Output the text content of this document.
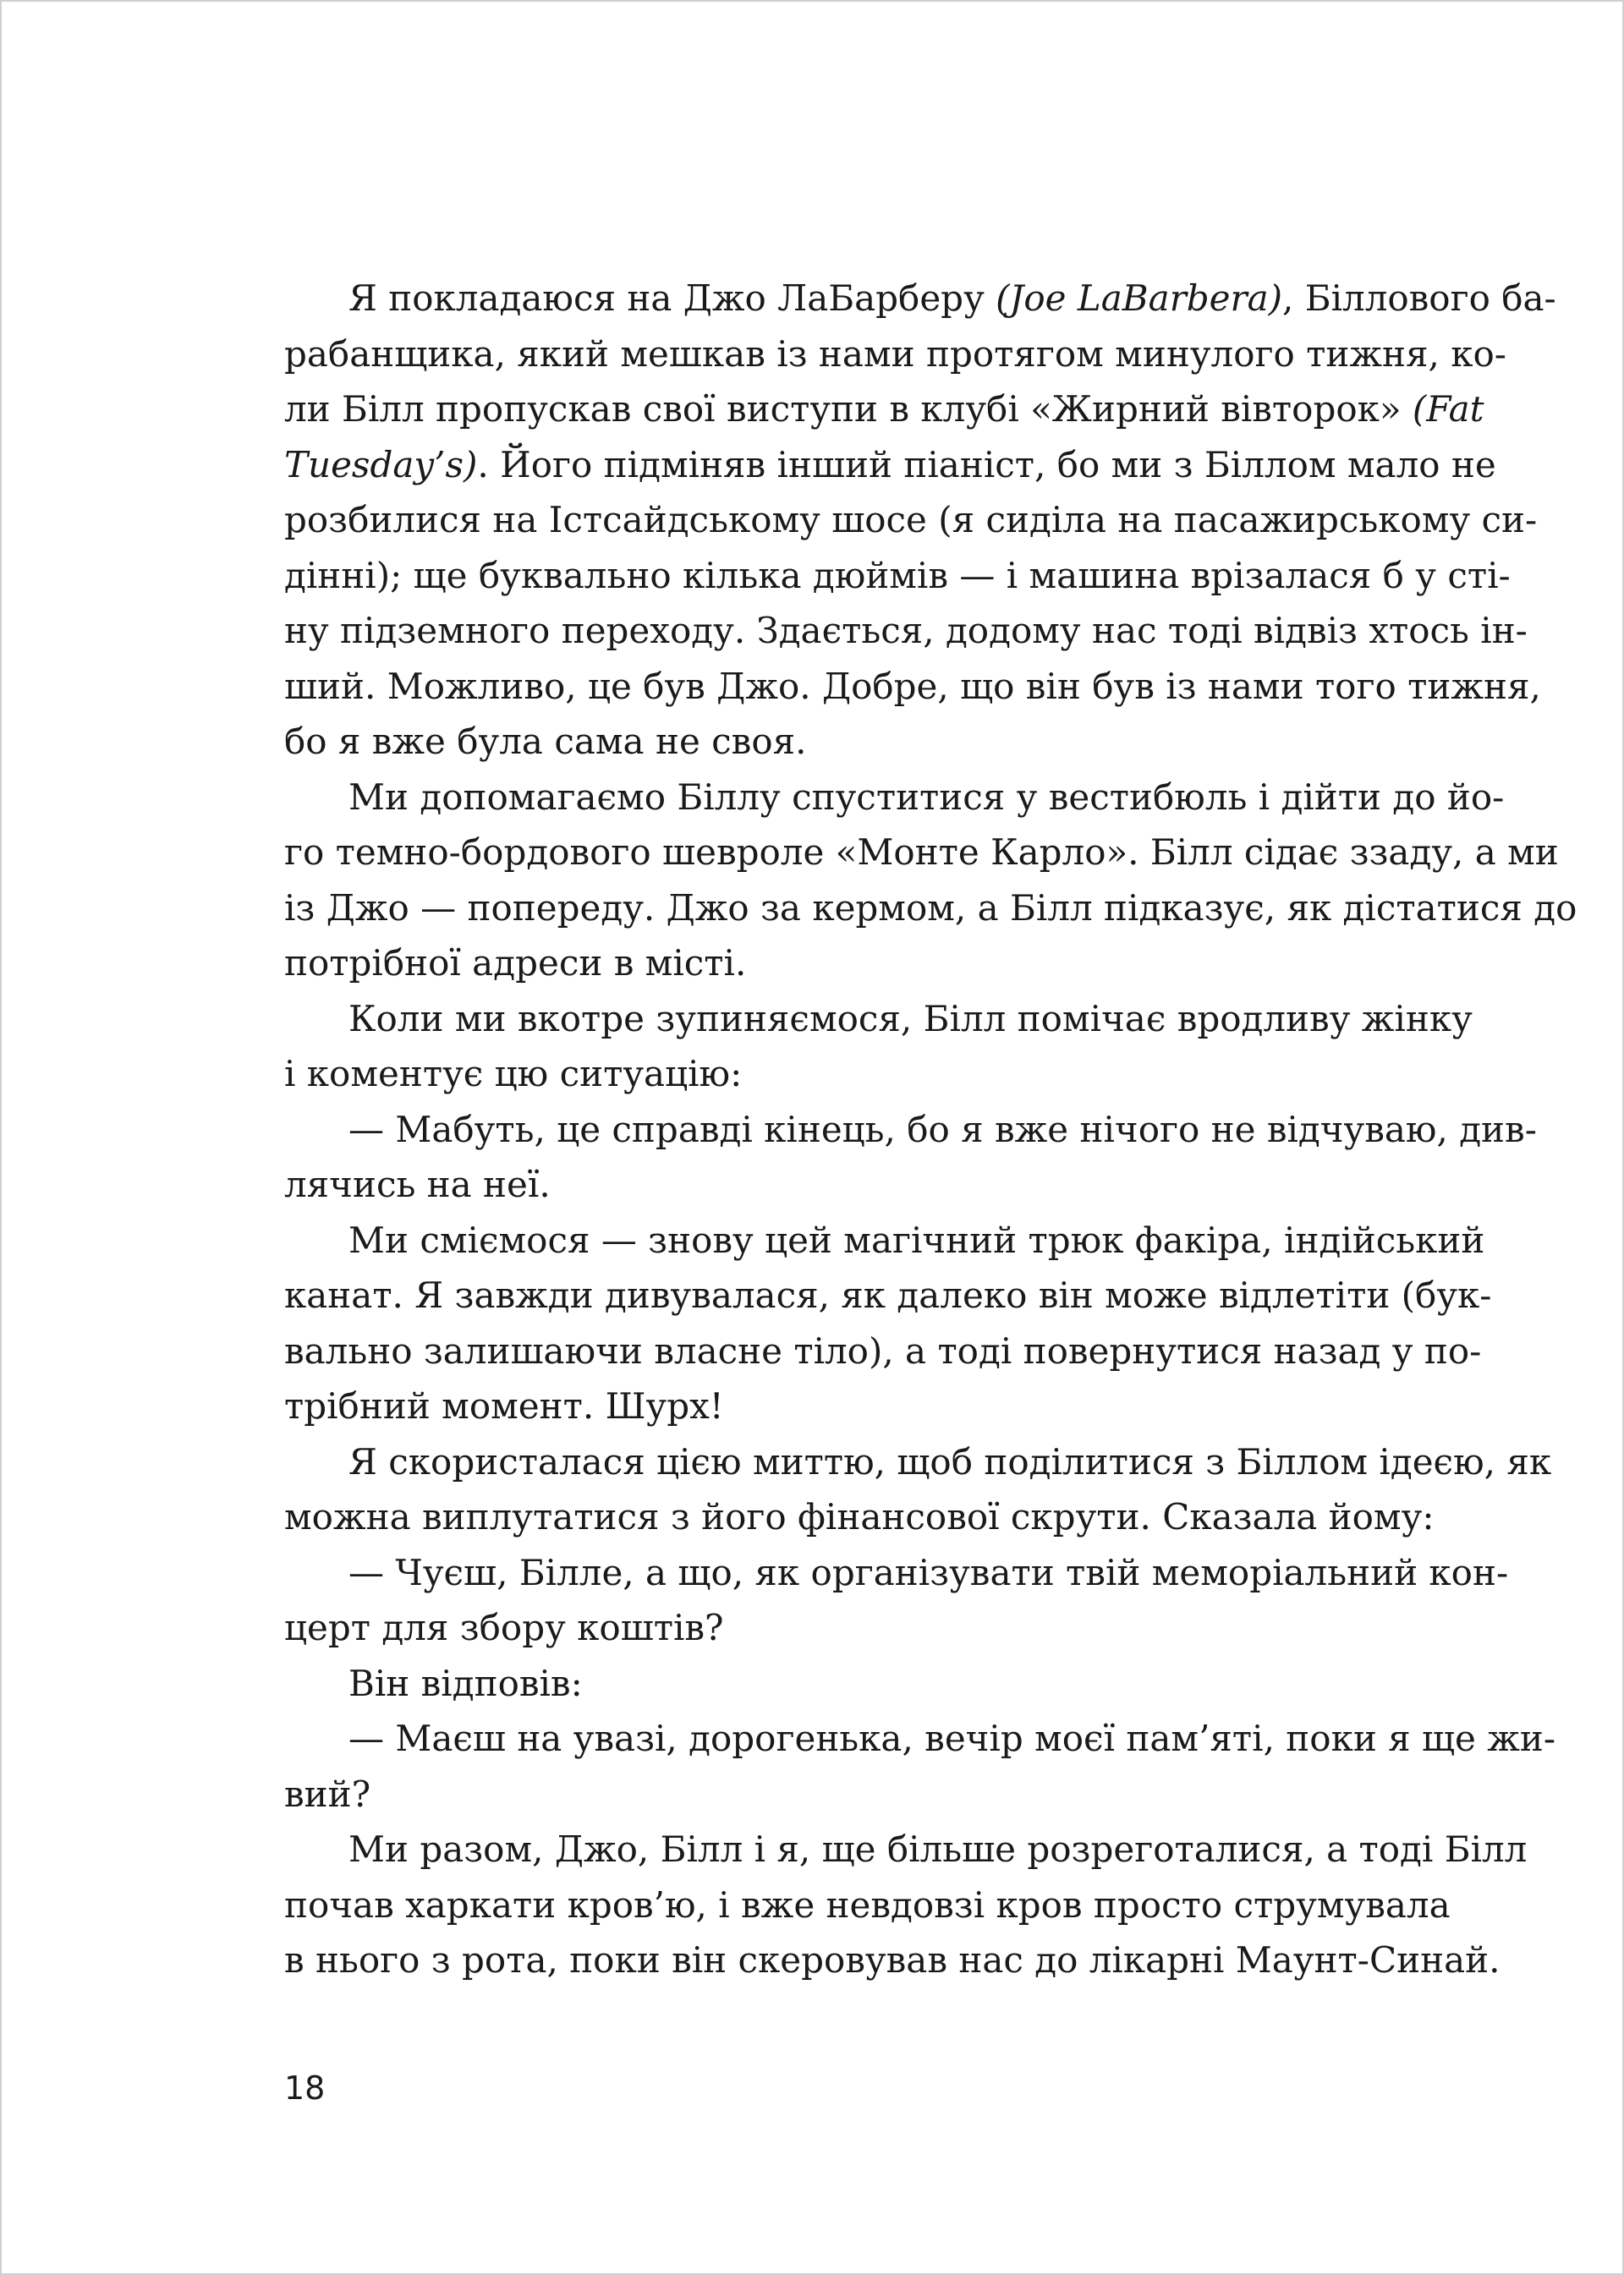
Я покладаюся на Джо ЛаБарберу (Joe LaBarbera), Біллового ба-
рабанщика, який мешкав із нами протягом минулого тижня, ко-
ли Білл пропускав свої виступи в клубі «Жирний вівторок» (Fat
Tuesday’s). Його підміняв інший піаніст, бо ми з Біллом мало не
розбилися на Істсайдському шосе (я сиділа на пасажирському си-
дінні); ще буквально кілька дюймів — і машина врізалася б у сті-
ну підземного переходу. Здається, додому нас тоді відвіз хтось ін-
ший. Можливо, це був Джо. Добре, що він був із нами того тижня,
бо я вже була сама не своя.
Ми допомагаємо Біллу спуститися у вестибюль і дійти до йо-
го темно-бордового шевроле «Монте Карло». Білл сідає ззаду, а ми
із Джо — попереду. Джо за кермом, а Білл підказує, як дістатися до
потрібної адреси в місті.
Коли ми вкотре зупиняємося, Білл помічає вродливу жінку
і коментує цю ситуацію:
— Мабуть, це справді кінець, бо я вже нічого не відчуваю, див-
лячись на неї.
Ми сміємося — знову цей магічний трюк факіра, індійський
канат. Я завжди дивувалася, як далеко він може відлетіти (бук-
вально залишаючи власне тіло), а тоді повернутися назад у по-
трібний момент. Шурх!
Я скористалася цією миттю, щоб поділитися з Біллом ідеєю, як
можна виплутатися з його фінансової скрути. Сказала йому:
— Чуєш, Білле, а що, як організувати твій меморіальний кон-
церт для збору коштів?
Він відповів:
— Маєш на увазі, дорогенька, вечір моєї пам’яті, поки я ще жи-
вий?
Ми разом, Джо, Білл і я, ще більше розреготалися, а тоді Білл
почав харкати кров’ю, і вже невдовзі кров просто струмувала
в нього з рота, поки він скеровував нас до лікарні Маунт-Синай.
18
